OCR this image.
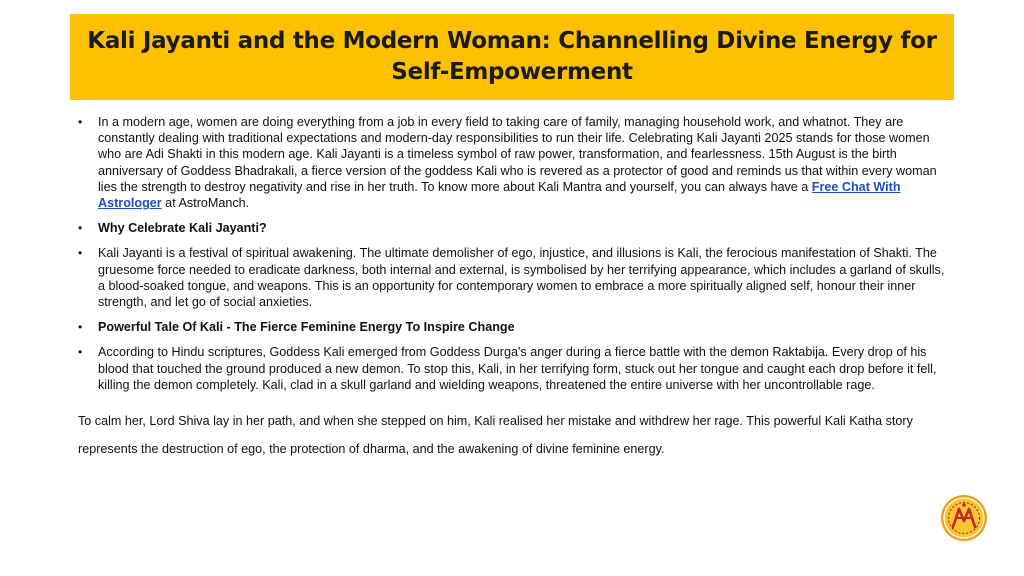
Kali Jayanti and the Modern Woman: Channelling Divine Energy for Self-Empowerment
• In a modern age, women are doing everything from a job in every field to taking care of family, managing household work, and whatnot. They are constantly dealing with traditional expectations and modern-day responsibilities to run their life. Celebrating Kali Jayanti 2025 stands for those women who are Adi Shakti in this modern age. Kali Jayanti is a timeless symbol of raw power, transformation, and fearlessness. 15th August is the birth anniversary of Goddess Bhadrakali, a fierce version of the goddess Kali who is revered as a protector of good and reminds us that within every woman lies the strength to destroy negativity and rise in her truth. To know more about Kali Mantra and yourself, you can always have a Free Chat With Astrologer at AstroManch.
• Why Celebrate Kali Jayanti?
• Kali Jayanti is a festival of spiritual awakening. The ultimate demolisher of ego, injustice, and illusions is Kali, the ferocious manifestation of Shakti. The gruesome force needed to eradicate darkness, both internal and external, is symbolised by her terrifying appearance, which includes a garland of skulls, a blood-soaked tongue, and weapons. This is an opportunity for contemporary women to embrace a more spiritually aligned self, honour their inner strength, and let go of social anxieties.
• Powerful Tale Of Kali - The Fierce Feminine Energy To Inspire Change
• According to Hindu scriptures, Goddess Kali emerged from Goddess Durga's anger during a fierce battle with the demon Raktabija. Every drop of his blood that touched the ground produced a new demon. To stop this, Kali, in her terrifying form, stuck out her tongue and caught each drop before it fell, killing the demon completely. Kali, clad in a skull garland and wielding weapons, threatened the entire universe with her uncontrollable rage.

To calm her, Lord Shiva lay in her path, and when she stepped on him, Kali realised her mistake and withdrew her rage. This powerful Kali Katha story represents the destruction of ego, the protection of dharma, and the awakening of divine feminine energy.
